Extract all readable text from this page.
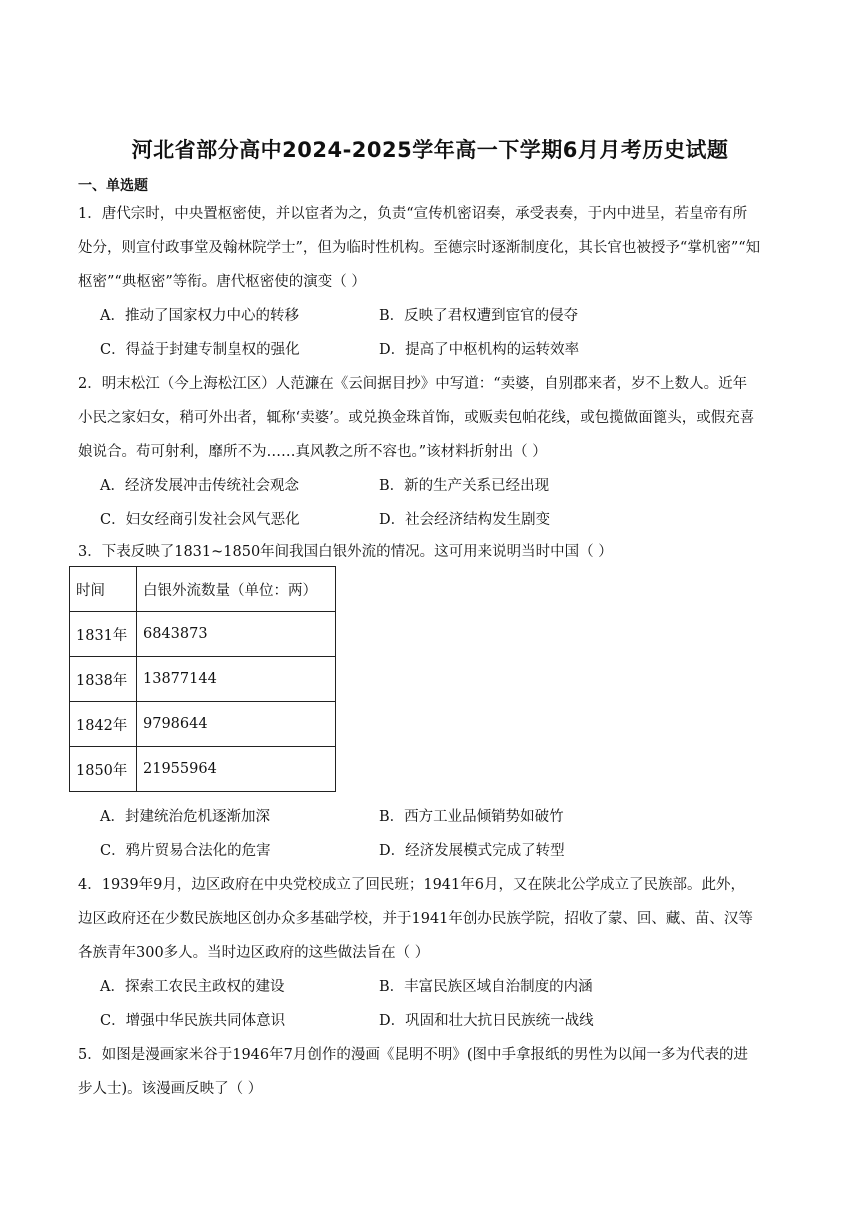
河北省部分高中2024-2025学年高一下学期6月月考历史试题
一、单选题
1．唐代宗时，中央置枢密使，并以宦者为之，负责“宣传机密诏奏，承受表奏，于内中进呈，若皇帝有所
处分，则宣付政事堂及翰林院学士”，但为临时性机构。至德宗时逐渐制度化，其长官也被授予“掌机密”“知
枢密”“典枢密”等衔。唐代枢密使的演变（ ）
A．推动了国家权力中心的转移	B．反映了君权遭到宦官的侵夺
C．得益于封建专制皇权的强化	D．提高了中枢机构的运转效率
2．明末松江（今上海松江区）人范濂在《云间据目抄》中写道：“卖婆，自别郡来者，岁不上数人。近年
小民之家妇女，稍可外出者，辄称‘卖婆’。或兑换金珠首饰，或贩卖包帕花线，或包揽做面篦头，或假充喜
娘说合。苟可射利，靡所不为……真风教之所不容也。”该材料折射出（ ）
A．经济发展冲击传统社会观念	B．新的生产关系已经出现
C．妇女经商引发社会风气恶化	D．社会经济结构发生剧变
3．下表反映了1831~1850年间我国白银外流的情况。这可用来说明当时中国（ ）
时间	白银外流数量（单位：两）
1831年	6843873
1838年	13877144
1842年	9798644
1850年	21955964
A．封建统治危机逐渐加深	B．西方工业品倾销势如破竹
C．鸦片贸易合法化的危害	D．经济发展模式完成了转型
4．1939年9月，边区政府在中央党校成立了回民班；1941年6月，又在陕北公学成立了民族部。此外，
边区政府还在少数民族地区创办众多基础学校，并于1941年创办民族学院，招收了蒙、回、藏、苗、汉等
各族青年300多人。当时边区政府的这些做法旨在（ ）
A．探索工农民主政权的建设	B．丰富民族区域自治制度的内涵
C．增强中华民族共同体意识	D．巩固和壮大抗日民族统一战线
5．如图是漫画家米谷于1946年7月创作的漫画《昆明不明》(图中手拿报纸的男性为以闻一多为代表的进
步人士)。该漫画反映了（ ）
